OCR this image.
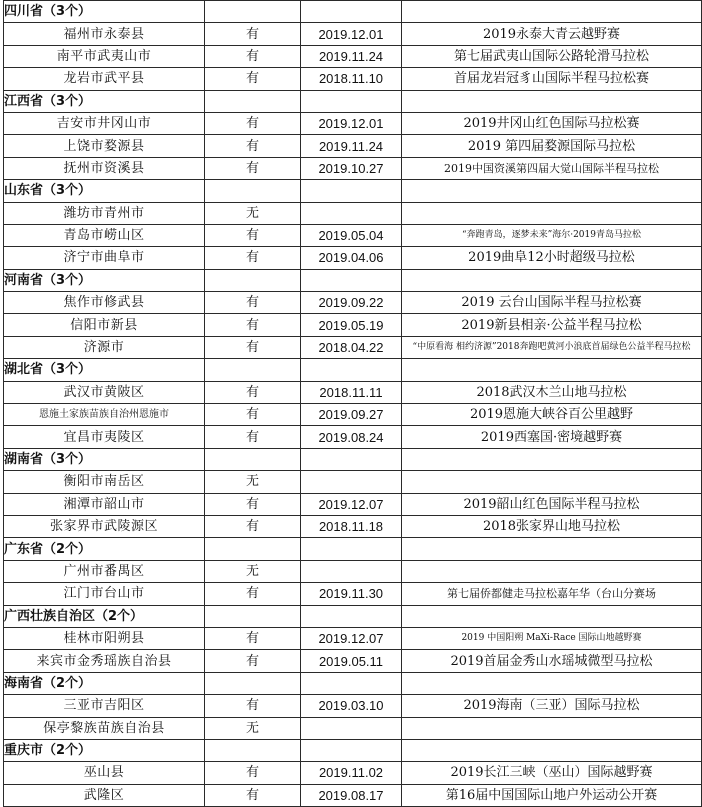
四川省（3个）			
福州市永泰县	有	2019.12.01	2019永泰大青云越野赛
南平市武夷山市	有	2019.11.24	第七届武夷山国际公路轮滑马拉松
龙岩市武平县	有	2018.11.10	首届龙岩冠豸山国际半程马拉松赛
江西省（3个）			
吉安市井冈山市	有	2019.12.01	2019井冈山红色国际马拉松赛
上饶市婺源县	有	2019.11.24	2019 第四届婺源国际马拉松
抚州市资溪县	有	2019.10.27	2019中国资溪第四届大觉山国际半程马拉松
山东省（3个）			
潍坊市青州市	无		
青岛市崂山区	有	2019.05.04	“奔跑青岛，逐梦未来”海尔·2019青岛马拉松
济宁市曲阜市	有	2019.04.06	2019曲阜12小时超级马拉松
河南省（3个）			
焦作市修武县	有	2019.09.22	2019 云台山国际半程马拉松赛
信阳市新县	有	2019.05.19	2019新县相亲·公益半程马拉松
济源市	有	2018.04.22	“中原看海 相约济源”2018奔跑吧黄河小浪底首届绿色公益半程马拉松
湖北省（3个）			
武汉市黄陂区	有	2018.11.11	2018武汉木兰山地马拉松
恩施土家族苗族自治州恩施市	有	2019.09.27	2019恩施大峡谷百公里越野
宜昌市夷陵区	有	2019.08.24	2019西塞国·密境越野赛
湖南省（3个）			
衡阳市南岳区	无		
湘潭市韶山市	有	2019.12.07	2019韶山红色国际半程马拉松
张家界市武陵源区	有	2018.11.18	2018张家界山地马拉松
广东省（2个）			
广州市番禺区	无		
江门市台山市	有	2019.11.30	第七届侨都健走马拉松嘉年华（台山分赛场
广西壮族自治区（2个）			
桂林市阳朔县	有	2019.12.07	2019 中国阳朔 MaXi-Race 国际山地越野赛
来宾市金秀瑶族自治县	有	2019.05.11	2019首届金秀山水瑶城微型马拉松
海南省（2个）			
三亚市吉阳区	有	2019.03.10	2019海南（三亚）国际马拉松
保亭黎族苗族自治县	无		
重庆市（2个）			
巫山县	有	2019.11.02	2019长江三峡（巫山）国际越野赛
武隆区	有	2019.08.17	第16届中国国际山地户外运动公开赛
